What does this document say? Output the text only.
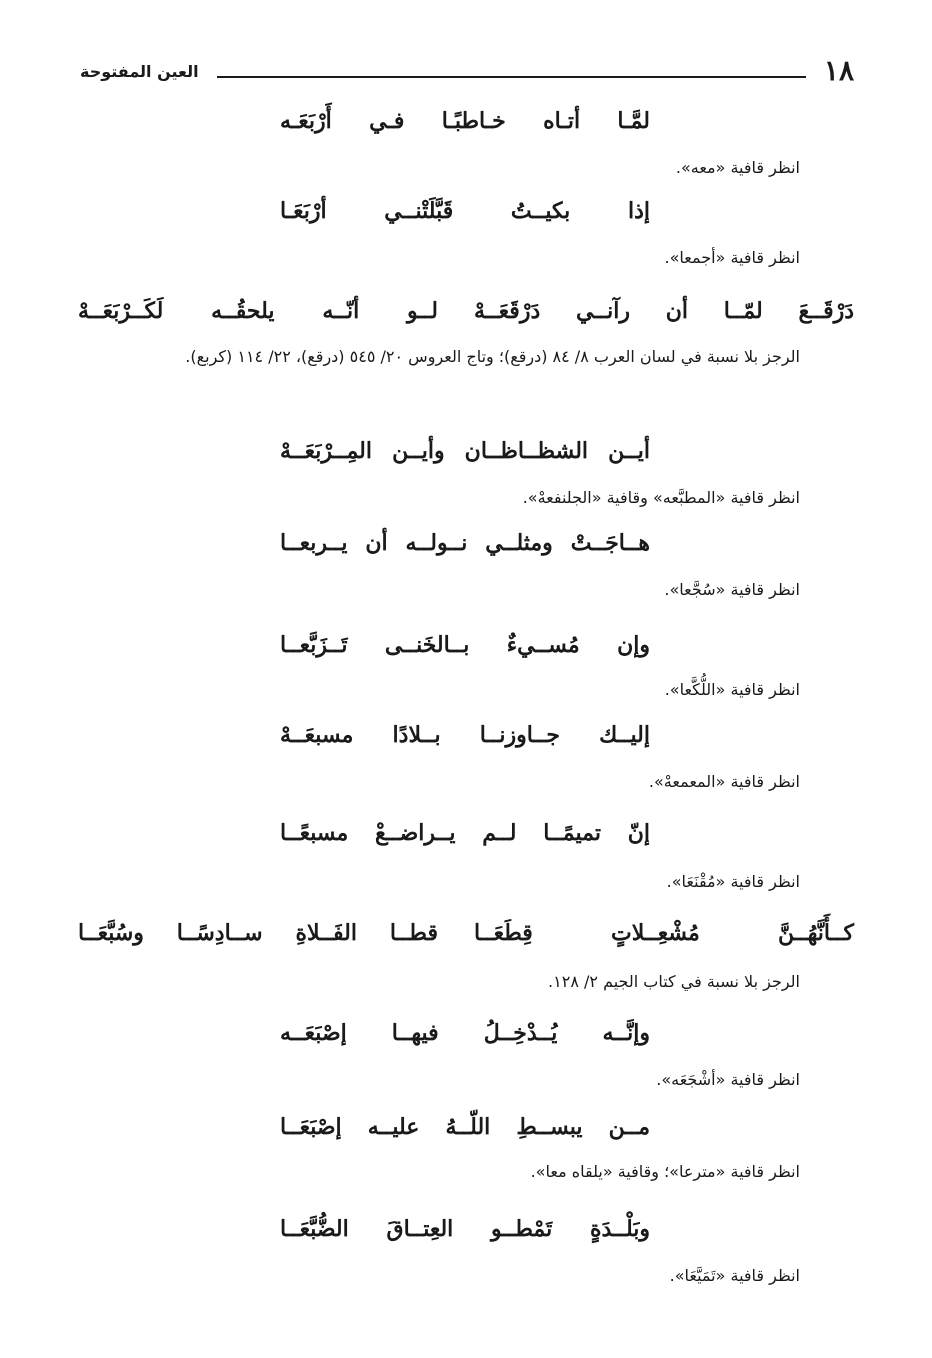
١٨
العين المفتوحة
لمَّـا أتـاه خـاطبًـا فـي أَرْبَعَـه
انظر قافية «معه».
إذا بكيــتُ قَبَّلَتْنــي أرْبَعَـا
انظر قافية «أجمعا».
دَرْقَــعَ لمّــا أن رآنــي دَرْقَعَــهْ
لــو أنّــه يلحقُــه لَكَــرْبَعَــهْ
الرجز بلا نسبة في لسان العرب ٨/ ٨٤ (درقع)؛ وتاج العروس ٢٠/ ٥٤٥ (درقع)، ٢٢/ ١١٤ (كربع).
أيــن الشظــاظــان وأيــن المِــرْبَعَــهْ
انظر قافية «المطبَّعه» وقافية «الجلنفعهْ».
هــاجَــتْ ومثلــي نــولــه أن يــربعــا
انظر قافية «سُجَّعا».
وإن مُســيءٌ بــالخَنــى تَــزَبَّعــا
انظر قافية «اللُّكَّعا».
إليــك جــاوزنــا بــلادًا مسبعَــهْ
انظر قافية «المعمعهْ».
إنّ تميمًــا لــم يــراضــعْ مسبعًــا
انظر قافية «مُقْنَعَا».
كــأَنَّهُــنَّ مُشْعِــلاتٍ قِطَعَــا
قطــا الفَــلاةِ ســادِسًــا وسُبَّعَــا
الرجز بلا نسبة في كتاب الجيم ٢/ ١٢٨.
وإنَّــه يُــدْخِــلُ فيهــا إصْبَعَــه
انظر قافية «أشْجَعَه».
مــن يبســطِ اللّــهُ عليــه إصْبَعَــا
انظر قافية «مترعا»؛ وقافية «يلقاه معا».
وبَلْــدَةٍ تَمْطــو العِتــاقَ الضُّبَّعَــا
انظر قافية «تَمَيَّعَا».
